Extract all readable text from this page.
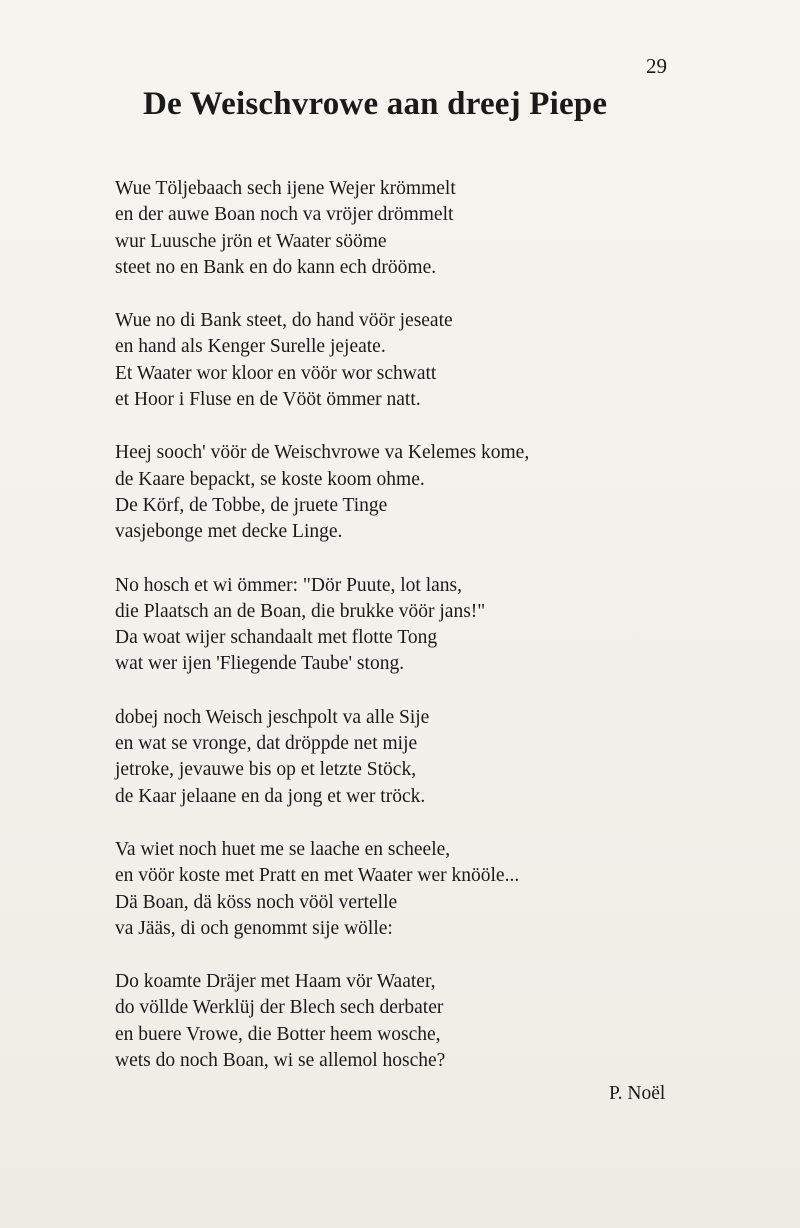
29
De Weischvrowe aan dreej Piepe
Wue Töljebaach sech ijene Wejer krömmelt
en der auwe Boan noch va vröjer drömmelt
wur Luusche jrön et Waater sööme
steet no en Bank en do kann ech drööme.
Wue no di Bank steet, do hand vöör jeseate
en hand als Kenger Surelle jejeate.
Et Waater wor kloor en vöör wor schwatt
et Hoor i Fluse en de Vööt ömmer natt.
Heej sooch' vöör de Weischvrowe va Kelemes kome,
de Kaare bepackt, se koste koom ohme.
De Körf, de Tobbe, de jruete Tinge
vasjebonge met decke Linge.
No hosch et wi ömmer: "Dör Puute, lot lans,
die Plaatsch an de Boan, die brukke vöör jans!"
Da woat wijer schandaalt met flotte Tong
wat wer ijen 'Fliegende Taube' stong.
dobej noch Weisch jeschpolt va alle Sije
en wat se vronge, dat dröppde net mije
jetroke, jevauwe bis op et letzte Stöck,
de Kaar jelaane en da jong et wer tröck.
Va wiet noch huet me se laache en scheele,
en vöör koste met Pratt en met Waater wer knööle...
Dä Boan, dä köss noch vööl vertelle
va Jääs, di och genommt sije wölle:
Do koamte Dräjer met Haam vör Waater,
do völlde Werklüj der Blech sech derbater
en buere Vrowe, die Botter heem wosche,
wets do noch Boan, wi se allemol hosche?
P. Noël
